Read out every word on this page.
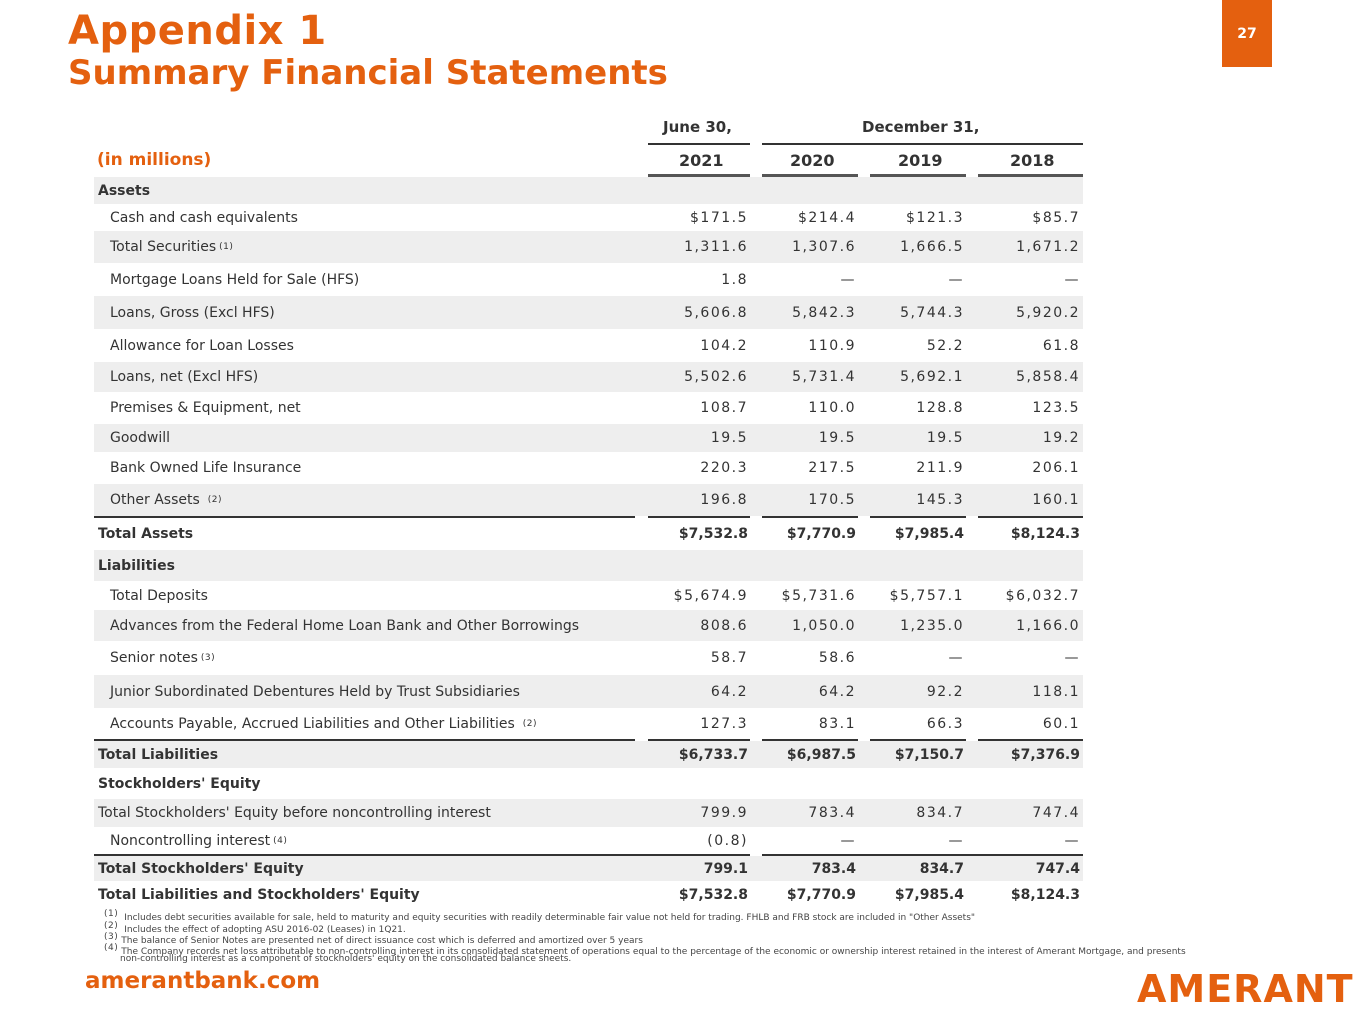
Appendix 1
Summary Financial Statements
27
June 30,	December 31,
(in millions)	2021	2020	2019	2018
Assets
Cash and cash equivalents	$171.5	$214.4	$121.3	$85.7
Total Securities (1)	1,311.6	1,307.6	1,666.5	1,671.2
Mortgage Loans Held for Sale (HFS)	1.8	—	—	—
Loans, Gross (Excl HFS)	5,606.8	5,842.3	5,744.3	5,920.2
Allowance for Loan Losses	104.2	110.9	52.2	61.8
Loans, net (Excl HFS)	5,502.6	5,731.4	5,692.1	5,858.4
Premises & Equipment, net	108.7	110.0	128.8	123.5
Goodwill	19.5	19.5	19.5	19.2
Bank Owned Life Insurance	220.3	217.5	211.9	206.1
Other Assets (2)	196.8	170.5	145.3	160.1
Total Assets	$7,532.8	$7,770.9	$7,985.4	$8,124.3
Liabilities
Total Deposits	$5,674.9 $5,731.6 $5,757.1	$6,032.7
Advances from the Federal Home Loan Bank and Other Borrowings	808.6	1,050.0	1,235.0	1,166.0
Senior notes (3)	58.7	58.6	—	—
Junior Subordinated Debentures Held by Trust Subsidiaries	64.2	64.2	92.2	118.1
Accounts Payable, Accrued Liabilities and Other Liabilities (2)	127.3	83.1	66.3	60.1
Total Liabilities	$6,733.7	$6,987.5	$7,150.7	$7,376.9
Stockholders' Equity
Total Stockholders' Equity before noncontrolling interest	799.9	783.4	834.7	747.4
Noncontrolling interest (4)	(0.8)	—	—	—
Total Stockholders' Equity	799.1	783.4	834.7	747.4
Total Liabilities and Stockholders' Equity	$7,532.8	$7,770.9	$7,985.4	$8,124.3
$^{(1)}$ Includes debt securities available for sale, held to maturity and equity securities with readily determinable fair value not held for trading. FHLB and FRB stock are included in "Other Assets"
$^{(2)}$ Includes the effect of adopting ASU 2016-02 (Leases) in 1Q21.
$^{(3)}$ The balance of Senior Notes are presented net of direct issuance cost which is deferred and amortized over 5 years
$^{(4)}$ The Company records net loss attributable to non-controlling interest in its consolidated statement of operations equal to the percentage of the economic or ownership interest retained in the interest of Amerant Mortgage, and presents
non-controlling interest as a component of stockholders' equity on the consolidated balance sheets.
amerantbank.com	AMERANT
